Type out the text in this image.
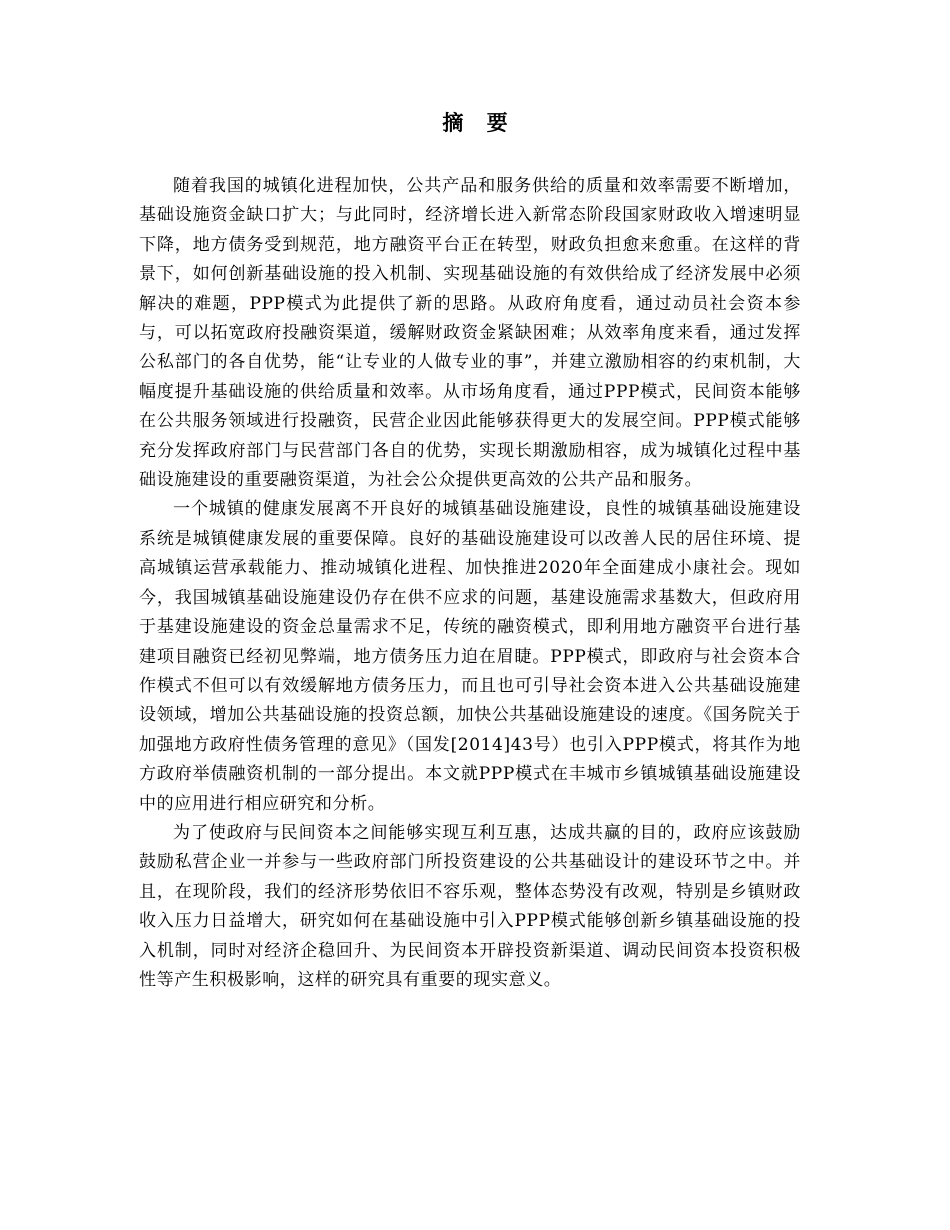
摘 要

随着我国的城镇化进程加快，公共产品和服务供给的质量和效率需要不断增加，基础设施资金缺口扩大；与此同时，经济增长进入新常态阶段国家财政收入增速明显下降，地方债务受到规范，地方融资平台正在转型，财政负担愈来愈重。在这样的背景下，如何创新基础设施的投入机制、实现基础设施的有效供给成了经济发展中必须解决的难题，PPP模式为此提供了新的思路。从政府角度看，通过动员社会资本参与，可以拓宽政府投融资渠道，缓解财政资金紧缺困难；从效率角度来看，通过发挥公私部门的各自优势，能“让专业的人做专业的事”，并建立激励相容的约束机制，大幅度提升基础设施的供给质量和效率。从市场角度看，通过PPP模式，民间资本能够在公共服务领域进行投融资，民营企业因此能够获得更大的发展空间。PPP模式能够充分发挥政府部门与民营部门各自的优势，实现长期激励相容，成为城镇化过程中基础设施建设的重要融资渠道，为社会公众提供更高效的公共产品和服务。

一个城镇的健康发展离不开良好的城镇基础设施建设，良性的城镇基础设施建设系统是城镇健康发展的重要保障。良好的基础设施建设可以改善人民的居住环境、提高城镇运营承载能力、推动城镇化进程、加快推进2020年全面建成小康社会。现如今，我国城镇基础设施建设仍存在供不应求的问题，基建设施需求基数大，但政府用于基建设施建设的资金总量需求不足，传统的融资模式，即利用地方融资平台进行基建项目融资已经初见弊端，地方债务压力迫在眉睫。PPP模式，即政府与社会资本合作模式不但可以有效缓解地方债务压力，而且也可引导社会资本进入公共基础设施建设领域，增加公共基础设施的投资总额，加快公共基础设施建设的速度。《国务院关于加强地方政府性债务管理的意见》（国发[2014]43号）也引入PPP模式，将其作为地方政府举债融资机制的一部分提出。本文就PPP模式在丰城市乡镇城镇基础设施建设中的应用进行相应研究和分析。

为了使政府与民间资本之间能够实现互利互惠，达成共赢的目的，政府应该鼓励鼓励私营企业一并参与一些政府部门所投资建设的公共基础设计的建设环节之中。并且，在现阶段，我们的经济形势依旧不容乐观，整体态势没有改观，特别是乡镇财政收入压力日益增大，研究如何在基础设施中引入PPP模式能够创新乡镇基础设施的投入机制，同时对经济企稳回升、为民间资本开辟投资新渠道、调动民间资本投资积极性等产生积极影响，这样的研究具有重要的现实意义。
